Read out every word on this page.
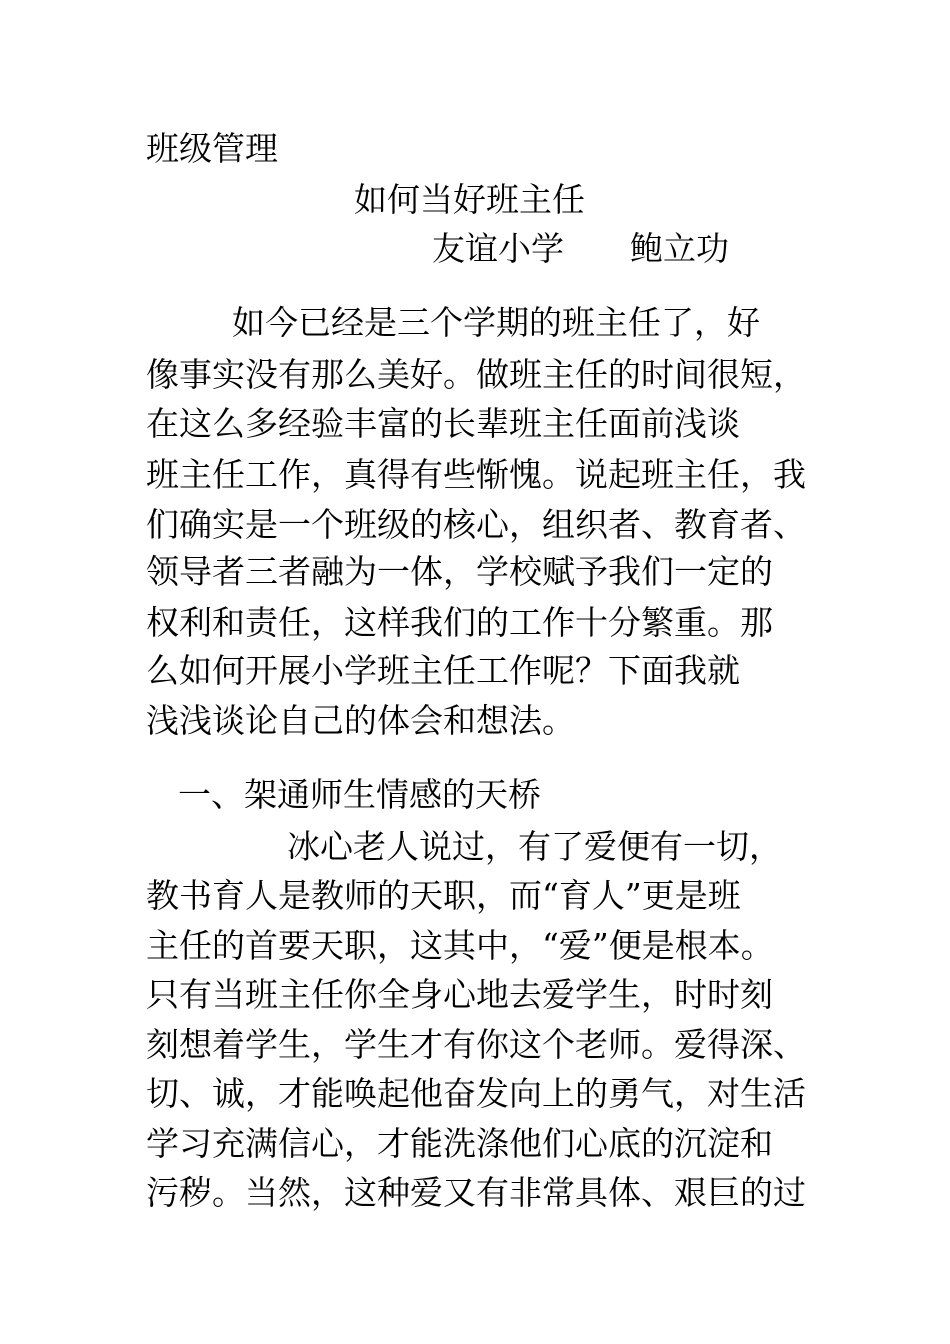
班级管理
如何当好班主任
友谊小学　　鲍立功
如今已经是三个学期的班主任了，好
像事实没有那么美好。做班主任的时间很短，
在这么多经验丰富的长辈班主任面前浅谈
班主任工作，真得有些惭愧。说起班主任，我
们确实是一个班级的核心，组织者、教育者、
领导者三者融为一体，学校赋予我们一定的
权利和责任，这样我们的工作十分繁重。那
么如何开展小学班主任工作呢？下面我就
浅浅谈论自己的体会和想法。
一、架通师生情感的天桥
冰心老人说过，有了爱便有一切，
教书育人是教师的天职，而“育人”更是班
主任的首要天职，这其中，“爱”便是根本。
只有当班主任你全身心地去爱学生，时时刻
刻想着学生，学生才有你这个老师。爱得深、
切、诚，才能唤起他奋发向上的勇气，对生活
学习充满信心，才能洗涤他们心底的沉淀和
污秽。当然，这种爱又有非常具体、艰巨的过
